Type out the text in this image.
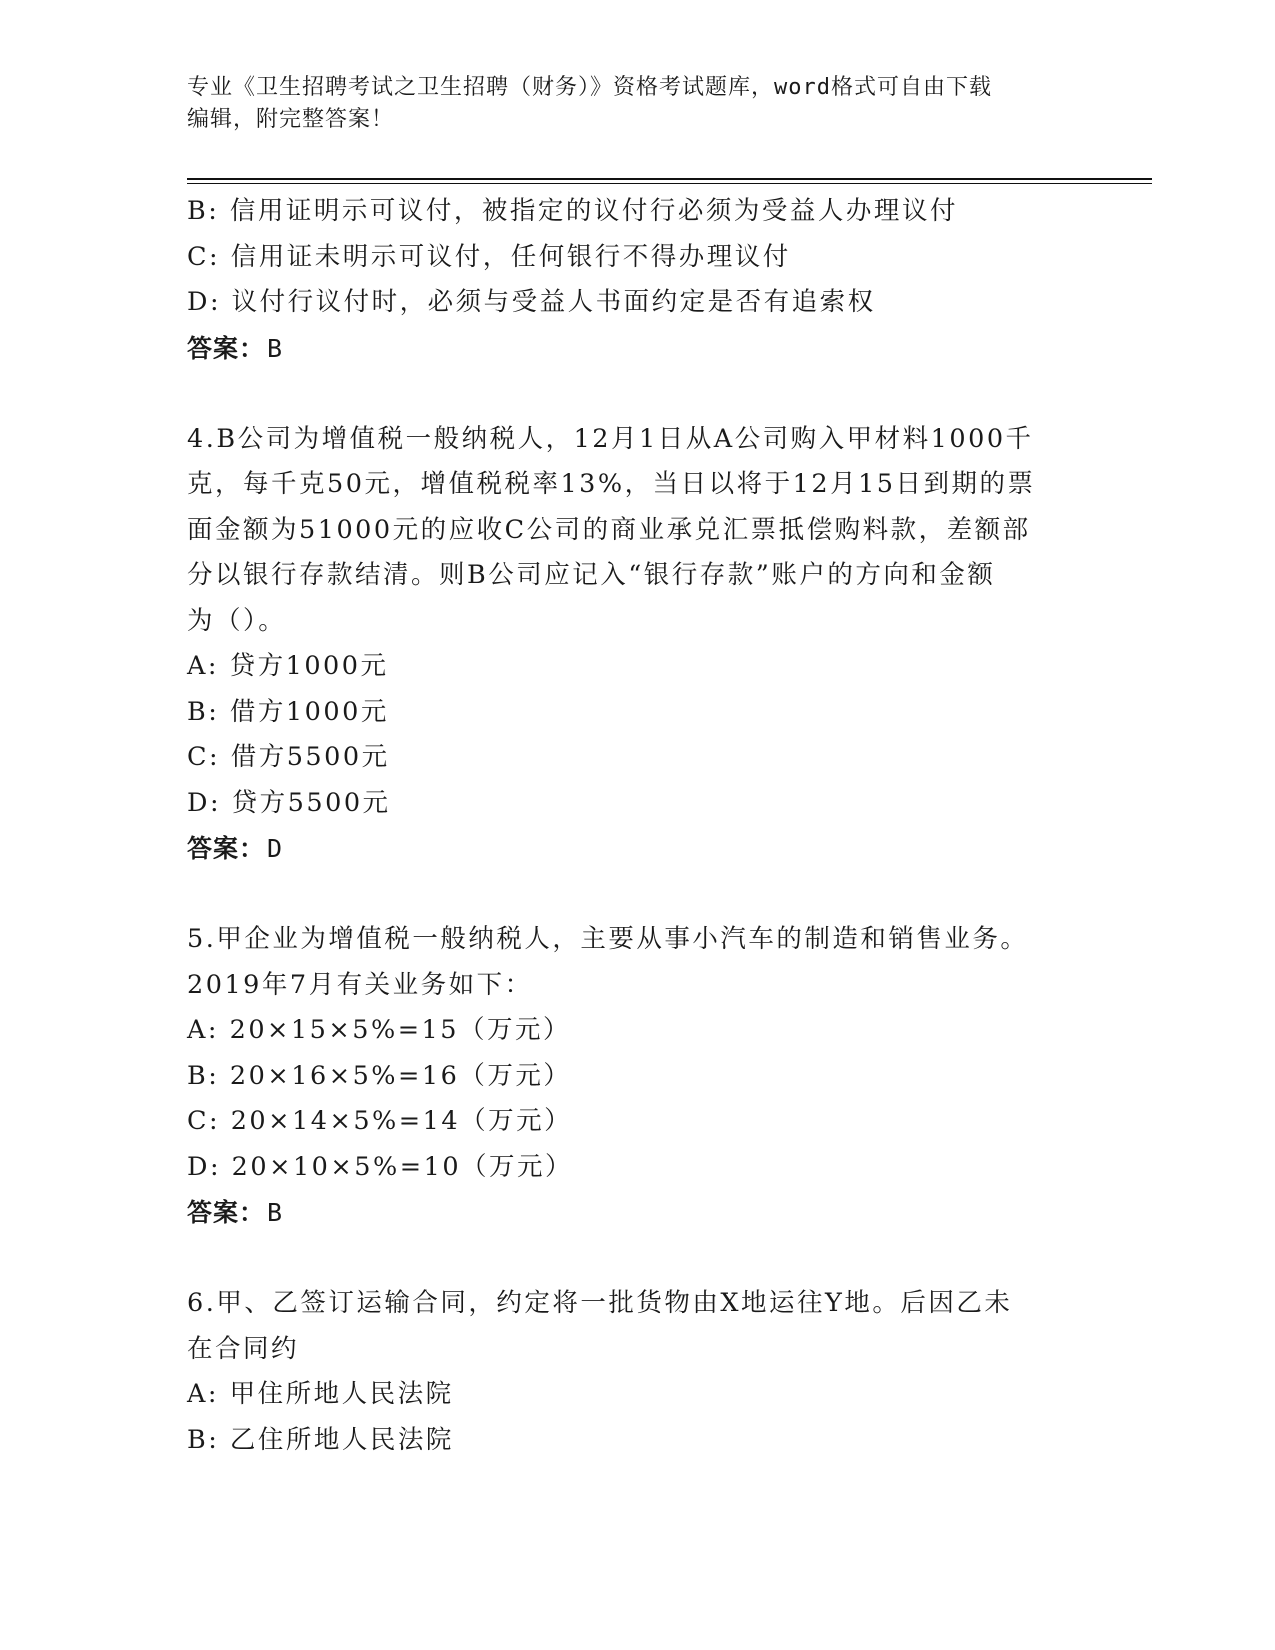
专业《卫生招聘考试之卫生招聘（财务）》资格考试题库，word格式可自由下载
编辑，附完整答案！
B: 信用证明示可议付，被指定的议付行必须为受益人办理议付
C: 信用证未明示可议付，任何银行不得办理议付
D: 议付行议付时，必须与受益人书面约定是否有追索权
答案：B
4.B公司为增值税一般纳税人，12月1日从A公司购入甲材料1000千
克，每千克50元，增值税税率13%，当日以将于12月15日到期的票
面金额为51000元的应收C公司的商业承兑汇票抵偿购料款，差额部
分以银行存款结清。则B公司应记入“银行存款”账户的方向和金额
为（）。
A: 贷方1000元
B: 借方1000元
C: 借方5500元
D: 贷方5500元
答案：D
5.甲企业为增值税一般纳税人，主要从事小汽车的制造和销售业务。
2019年7月有关业务如下：
A: 20×15×5%=15（万元）
B: 20×16×5%=16（万元）
C: 20×14×5%=14（万元）
D: 20×10×5%=10（万元）
答案：B
6.甲、乙签订运输合同，约定将一批货物由X地运往Y地。后因乙未
在合同约
A: 甲住所地人民法院
B: 乙住所地人民法院
